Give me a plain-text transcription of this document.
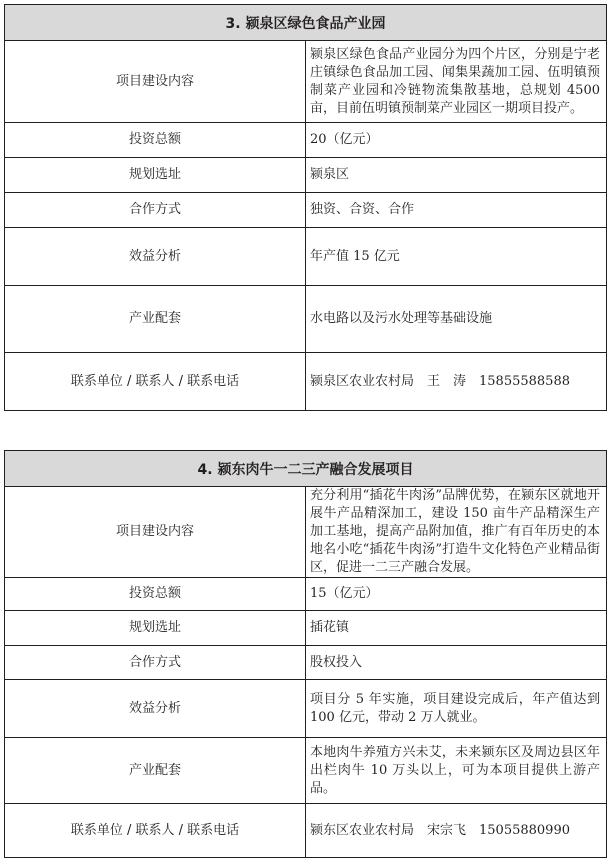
3. 颍泉区绿色食品产业园	
项目建设内容	颍泉区绿色食品产业园分为四个片区，分别是宁老庄镇绿色食品加工园、闻集果蔬加工园、伍明镇预制菜产业园和冷链物流集散基地，总规划 4500亩，目前伍明镇预制菜产业园区一期项目投产。
投资总额	20（亿元）
规划选址	颍泉区
合作方式	独资、合资、合作
效益分析	年产值 15 亿元
产业配套	水电路以及污水处理等基础设施
联系单位 / 联系人 / 联系电话	颍泉区农业农村局　王　涛　15855588588
4. 颍东肉牛一二三产融合发展项目	
项目建设内容	充分利用“插花牛肉汤”品牌优势，在颍东区就地开展牛产品精深加工，建设 150 亩牛产品精深生产加工基地，提高产品附加值，推广有百年历史的本地名小吃“插花牛肉汤”打造牛文化特色产业精品街区，促进一二三产融合发展。
投资总额	15（亿元）
规划选址	插花镇
合作方式	股权投入
效益分析	项目分 5 年实施，项目建设完成后，年产值达到 100 亿元，带动 2 万人就业。
产业配套	本地肉牛养殖方兴未艾，未来颍东区及周边县区年出栏肉牛 10 万头以上，可为本项目提供上游产品。
联系单位 / 联系人 / 联系电话	颍东区农业农村局　宋宗飞　15055880990
